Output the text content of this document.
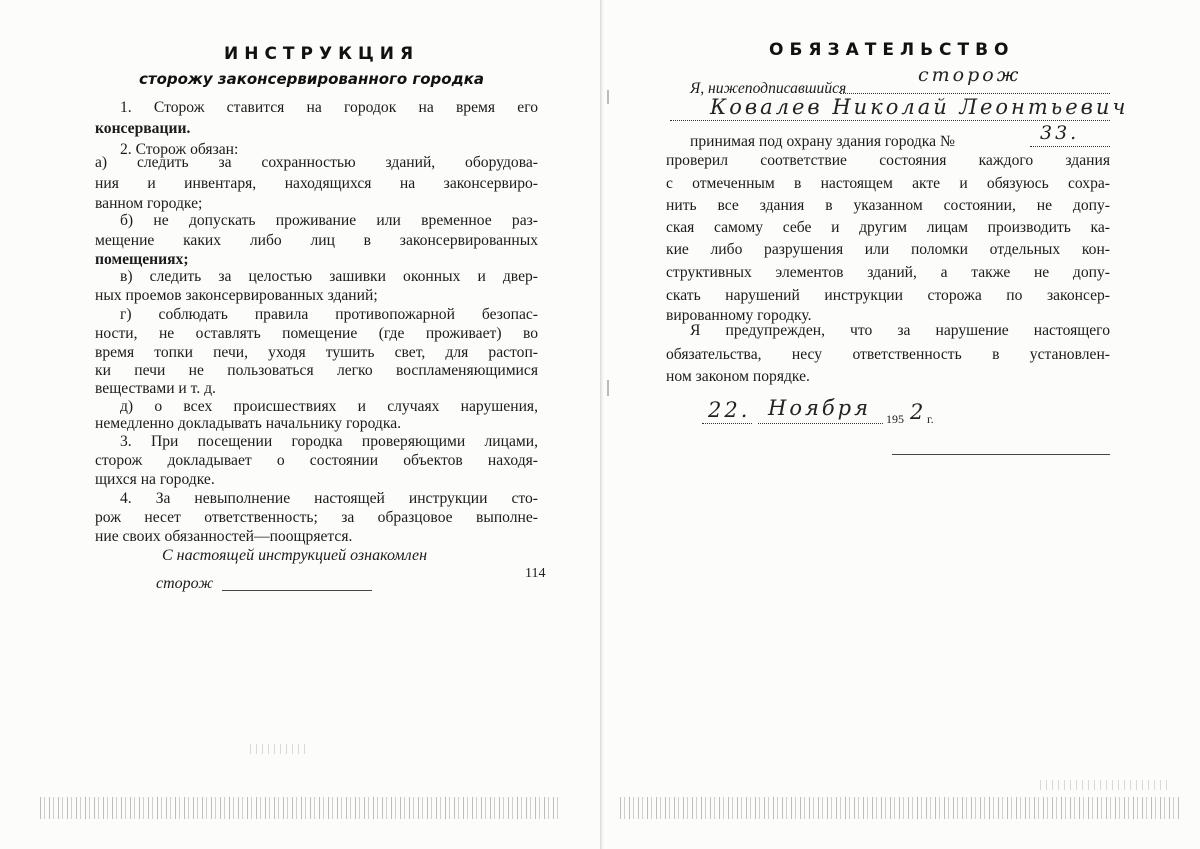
ИНСТРУКЦИЯ
сторожу законсервированного городка
1. Сторож ставится на городок на время его
консервации.
2. Сторож обязан:
а) следить за сохранностью зданий, оборудова-
ния и инвентаря, находящихся на законсервиро-
ванном городке;
б) не допускать проживание или временное раз-
мещение каких либо лиц в законсервированных
помещениях;
в) следить за целостью зашивки оконных и двер-
ных проемов законсервированных зданий;
г) соблюдать правила противопожарной безопас-
ности, не оставлять помещение (где проживает) во
время топки печи, уходя тушить свет, для растоп-
ки печи не пользоваться легко воспламеняющимися
веществами и т. д.
д) о всех происшествиях и случаях нарушения,
немедленно докладывать начальнику городка.
3. При посещении городка проверяющими лицами,
сторож докладывает о состоянии объектов находя-
щихся на городке.
4. За невыполнение настоящей инструкции сто-
рож несет ответственность; за образцовое выполне-
ние своих обязанностей—поощряется.
С настоящей инструкцией ознакомлен
сторож
114
ОБЯЗАТЕЛЬСТВО
Я, нижеподписавшийся
сторож
Ковалев Николай Леонтьевич
принимая под охрану здания городка №	33.
проверил соответствие состояния каждого здания
с отмеченным в настоящем акте и обязуюсь сохра-
нить все здания в указанном состоянии, не допу-
ская самому себе и другим лицам производить ка-
кие либо разрушения или поломки отдельных кон-
структивных элементов зданий, а также не допу-
скать нарушений инструкции сторожа по законсер-
вированному городку.
Я предупрежден, что за нарушение настоящего
обязательства, несу ответственность в установлен-
ном законом порядке.
22. Ноября 195 2 г.
